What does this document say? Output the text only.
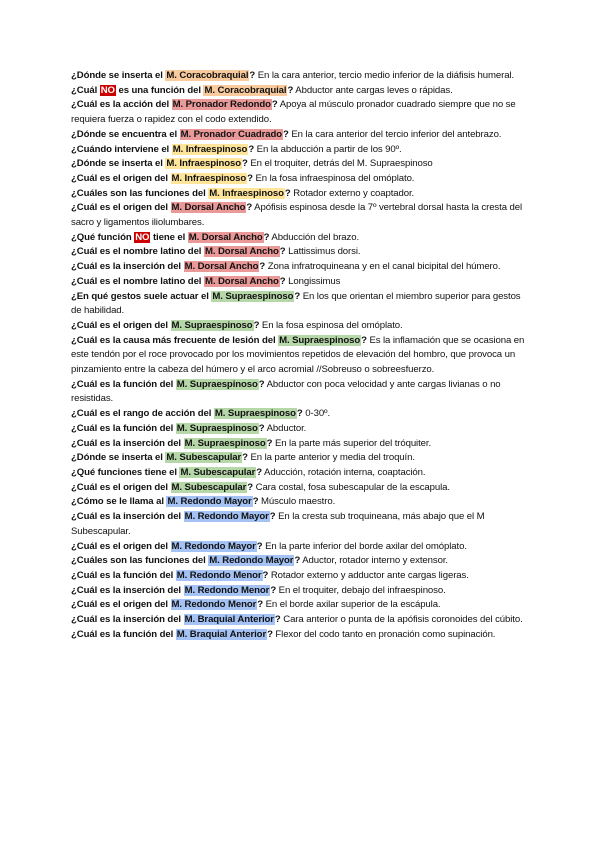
¿Dónde se inserta el M. Coracobraquial? En la cara anterior, tercio medio inferior de la diáfisis humeral.

¿Cuál NO es una función del M. Coracobraquial? Abductor ante cargas leves o rápidas.

¿Cuál es la acción del M. Pronador Redondo? Apoya al músculo pronador cuadrado siempre que no se requiera fuerza o rapidez con el codo extendido.

¿Dónde se encuentra el M. Pronador Cuadrado? En la cara anterior del tercio inferior del antebrazo.

¿Cuándo interviene el M. Infraespinoso? En la abducción a partir de los 90º.

¿Dónde se inserta el M. Infraespinoso? En el troquiter, detrás del M. Supraespinoso

¿Cuál es el origen del M. Infraespinoso? En la fosa infraespinosa del omóplato.

¿Cuáles son las funciones del M. Infraespinoso? Rotador externo y coaptador.

¿Cuál es el origen del M. Dorsal Ancho? Apófisis espinosa desde la 7º vertebral dorsal hasta la cresta del sacro y ligamentos iliolumbares.

¿Qué función NO tiene el M. Dorsal Ancho? Abducción del brazo.

¿Cuál es el nombre latino del M. Dorsal Ancho? Lattissimus dorsi.

¿Cuál es la inserción del M. Dorsal Ancho? Zona infratroquineana y en el canal bicipital del húmero.

¿Cuál es el nombre latino del M. Dorsal Ancho? Longissimus

¿En qué gestos suele actuar el M. Supraespinoso? En los que orientan el miembro superior para gestos de habilidad.

¿Cuál es el origen del M. Supraespinoso? En la fosa espinosa del omóplato.

¿Cuál es la causa más frecuente de lesión del M. Supraespinoso? Es la inflamación que se ocasiona en este tendón por el roce provocado por los movimientos repetidos de elevación del hombro, que provoca un pinzamiento entre la cabeza del húmero y el arco acromial //Sobreuso o sobreesfuerzo.

¿Cuál es la función del M. Supraespinoso? Abductor con poca velocidad y ante cargas livianas o no resistidas.

¿Cuál es el rango de acción del M. Supraespinoso? 0-30º.

¿Cuál es la función del M. Supraespinoso? Abductor.

¿Cuál es la inserción del M. Supraespinoso? En la parte más superior del tróquiter.

¿Dónde se inserta el M. Subescapular? En la parte anterior y media del troquín.

¿Qué funciones tiene el M. Subescapular? Aducción, rotación interna, coaptación.

¿Cuál es el origen del M. Subescapular? Cara costal, fosa subescapular de la escapula.

¿Cómo se le llama al M. Redondo Mayor? Músculo maestro.

¿Cuál es la inserción del M. Redondo Mayor? En la cresta sub troquineana, más abajo que el M Subescapular.

¿Cuál es el origen del M. Redondo Mayor? En la parte inferior del borde axilar del omóplato.

¿Cuáles son las funciones del M. Redondo Mayor? Aductor, rotador interno y extensor.

¿Cuál es la función del M. Redondo Menor? Rotador externo y adductor ante cargas ligeras.

¿Cuál es la inserción del M. Redondo Menor? En el troquiter, debajo del infraespinoso.

¿Cuál es el origen del M. Redondo Menor? En el borde axilar superior de la escápula.

¿Cuál es la inserción del M. Braquial Anterior? Cara anterior o punta de la apófisis coronoides del cúbito.

¿Cuál es la función del M. Braquial Anterior? Flexor del codo tanto en pronación como supinación.
